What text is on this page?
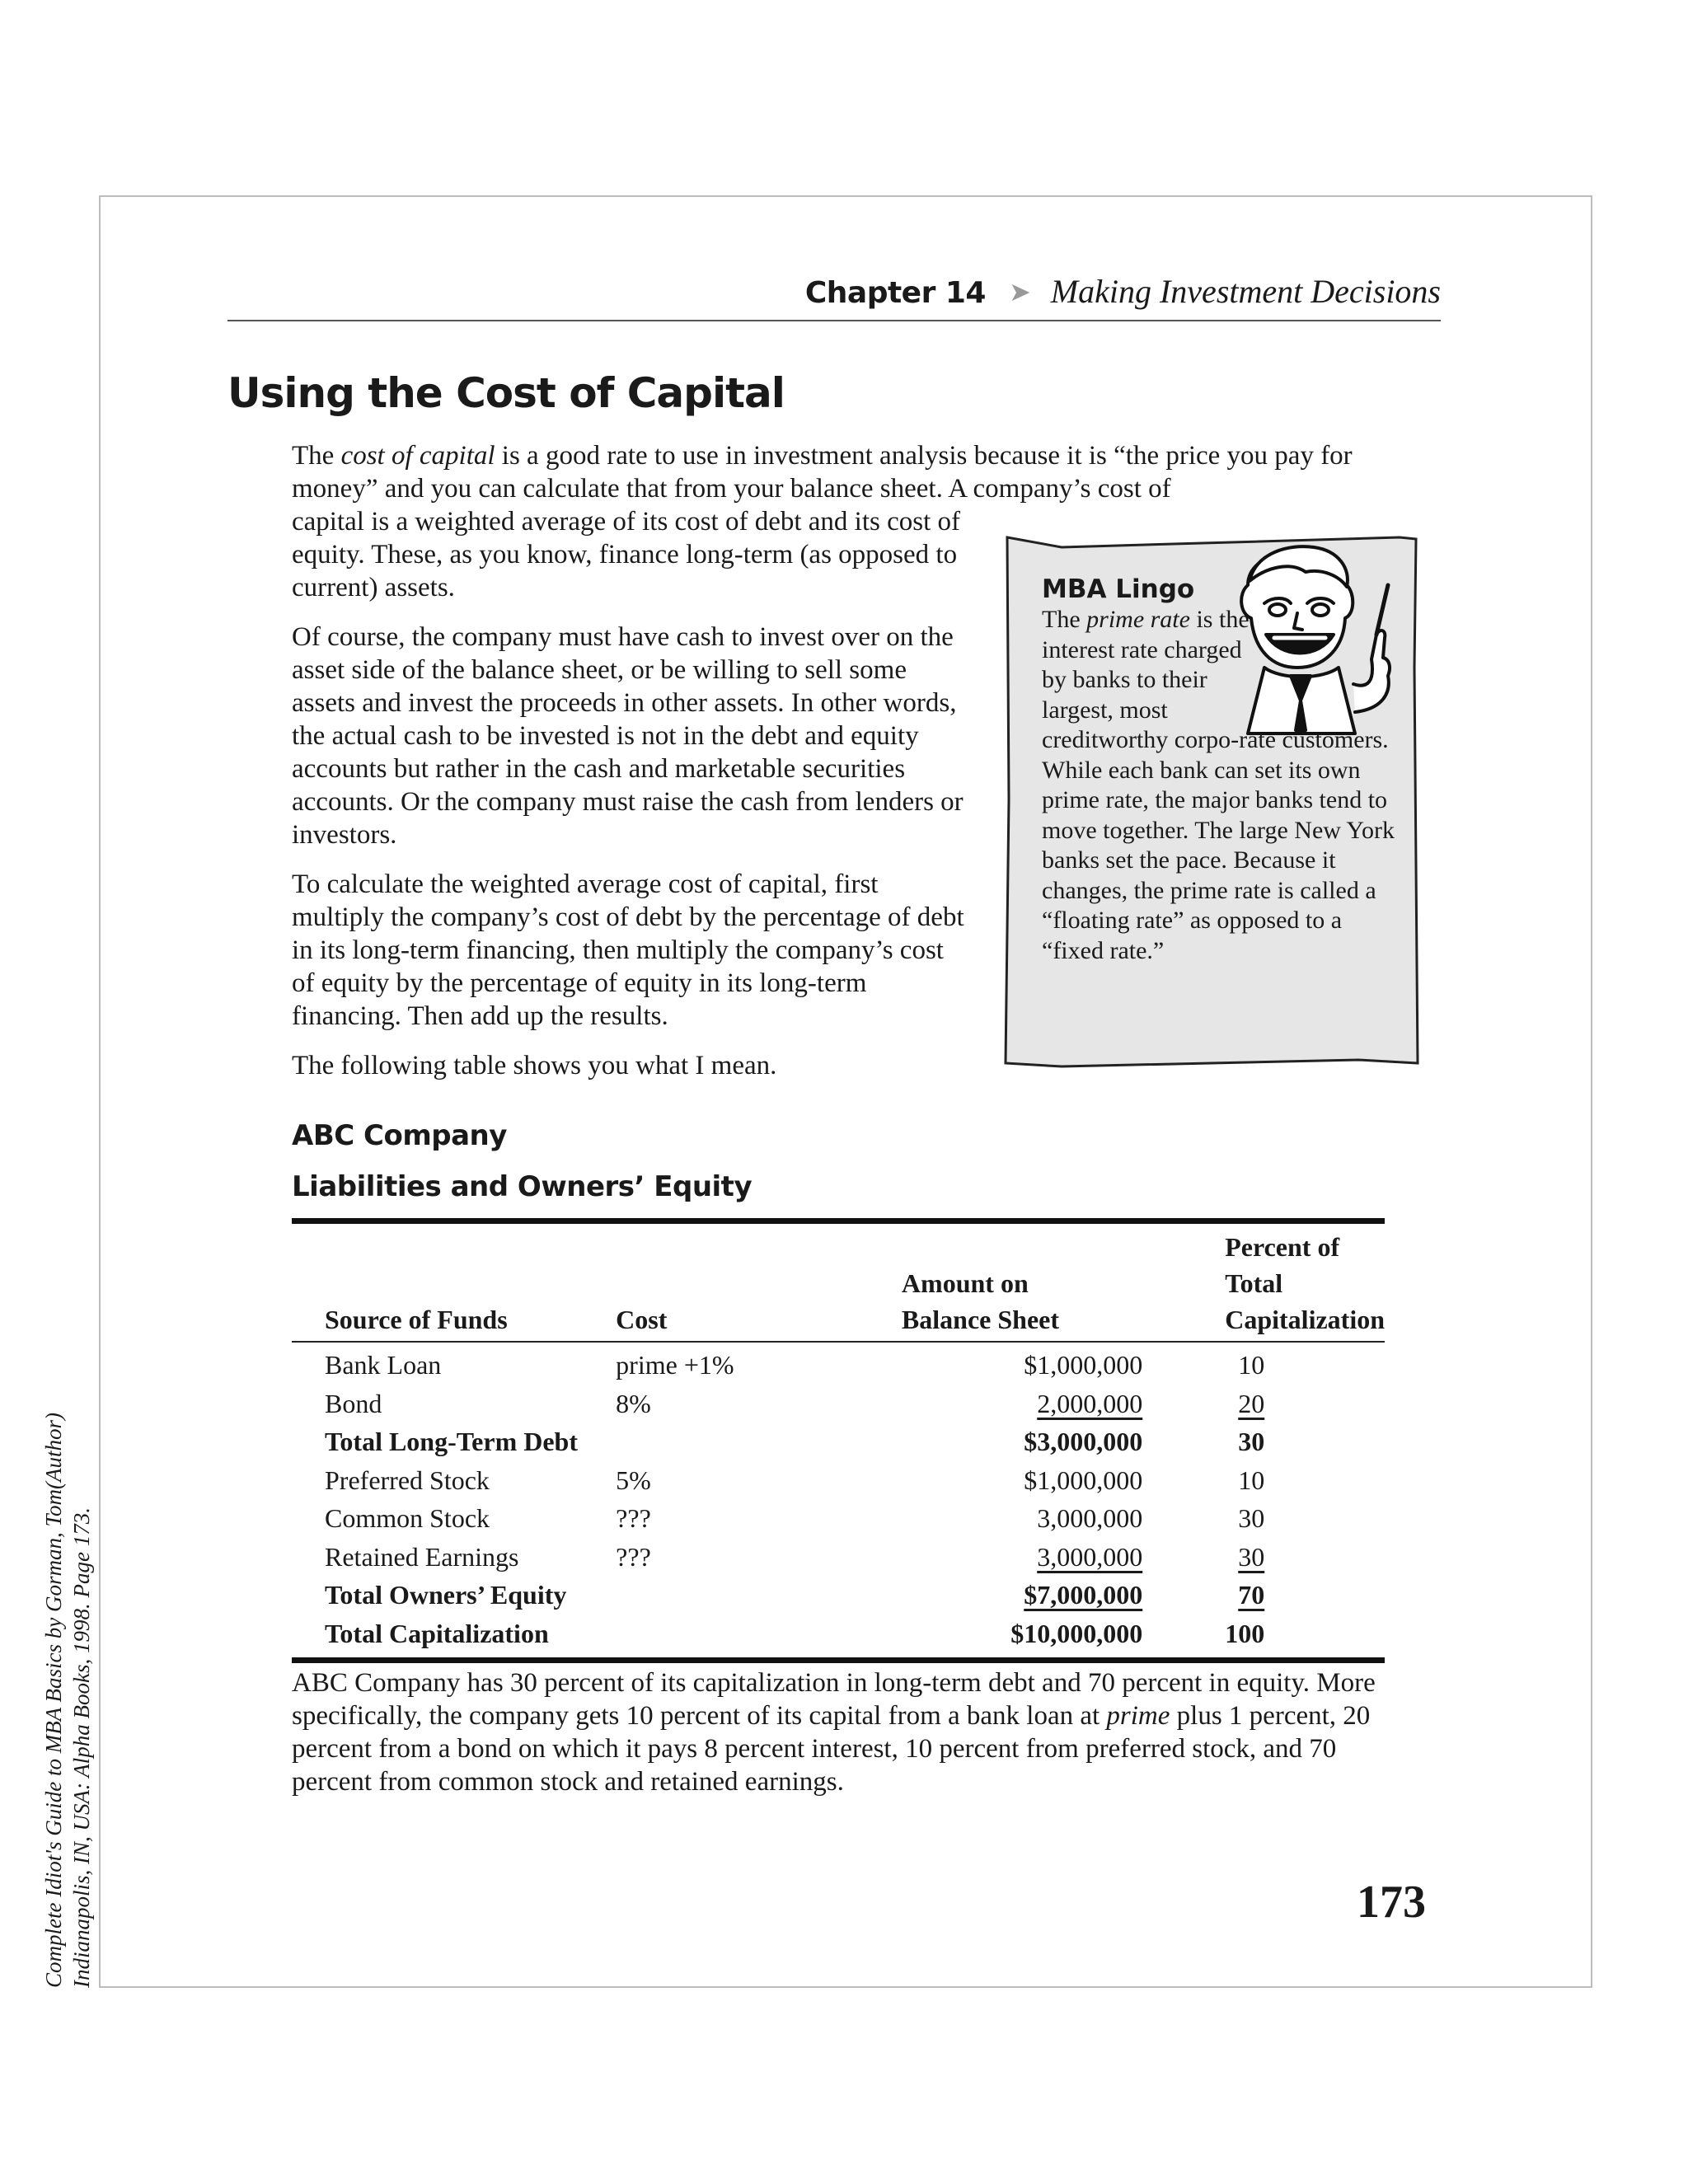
Complete Idiot's Guide to MBA Basics by Gorman, Tom(Author) Indianapolis, IN, USA: Alpha Books, 1998. Page 173.
Chapter 14 ➤ Making Investment Decisions
Using the Cost of Capital

The cost of capital is a good rate to use in investment analysis because it is “the price you pay for money” and you can calculate that from your balance sheet. A company’s cost of

capital is a weighted average of its cost of debt and its cost of equity. These, as you know, finance long-term (as opposed to current) assets.

Of course, the company must have cash to invest over on the asset side of the balance sheet, or be willing to sell some assets and invest the proceeds in other assets. In other words, the actual cash to be invested is not in the debt and equity accounts but rather in the cash and marketable securities accounts. Or the company must raise the cash from lenders or investors.

To calculate the weighted average cost of capital, first multiply the company’s cost of debt by the percentage of debt in its long-term financing, then multiply the company’s cost of equity by the percentage of equity in its long-term financing. Then add up the results.

The following table shows you what I mean.

MBA Lingo

The prime rate is the interest rate charged by banks to their largest, most creditworthy corpo-rate customers. While each bank can set its own prime rate, the major banks tend to move together. The large New York banks set the pace. Because it changes, the prime rate is called a “floating rate” as opposed to a “fixed rate.”

ABC Company

Liabilities and Owners’ Equity

		Amount on	Percent of Total
Source of Funds	Cost	Balance Sheet	Capitalization
Bank Loan	prime +1%	$1,000,000	10
Bond	8%	2,000,000	20
Total Long-Term Debt		$3,000,000	30
Preferred Stock	5%	$1,000,000	10
Common Stock	???	3,000,000	30
Retained Earnings	???	3,000,000	30
Total Owners’ Equity		$7,000,000	70
Total Capitalization		$10,000,000	100

ABC Company has 30 percent of its capitalization in long-term debt and 70 percent in equity. More specifically, the company gets 10 percent of its capital from a bank loan at prime plus 1 percent, 20 percent from a bond on which it pays 8 percent interest, 10 percent from preferred stock, and 70 percent from common stock and retained earnings.

173
